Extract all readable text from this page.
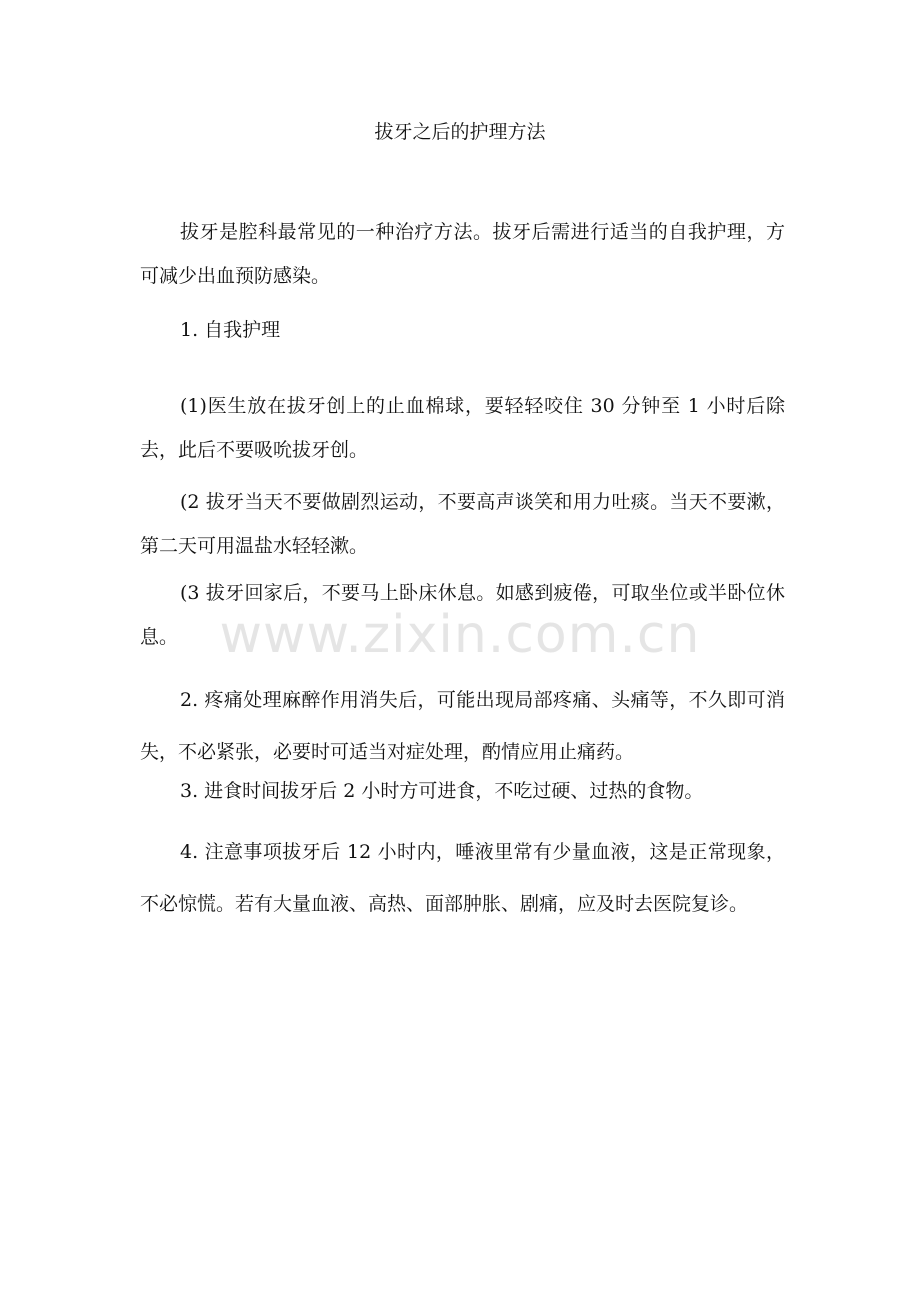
拔牙之后的护理方法

拔牙是腔科最常见的一种治疗方法。拔牙后需进行适当的自我护理，方可减少出血预防感染。

1. 自我护理

(1)医生放在拔牙创上的止血棉球，要轻轻咬住 30 分钟至 1 小时后除去，此后不要吸吮拔牙创。

(2 拔牙当天不要做剧烈运动，不要高声谈笑和用力吐痰。当天不要漱，第二天可用温盐水轻轻漱。

(3 拔牙回家后，不要马上卧床休息。如感到疲倦，可取坐位或半卧位休息。 www.zixin.com.cn

2. 疼痛处理麻醉作用消失后，可能出现局部疼痛、头痛等，不久即可消失，不必紧张，必要时可适当对症处理，酌情应用止痛药。

3. 进食时间拔牙后 2 小时方可进食，不吃过硬、过热的食物。

4. 注意事项拔牙后 12 小时内，唾液里常有少量血液，这是正常现象，不必惊慌。若有大量血液、高热、面部肿胀、剧痛，应及时去医院复诊。
